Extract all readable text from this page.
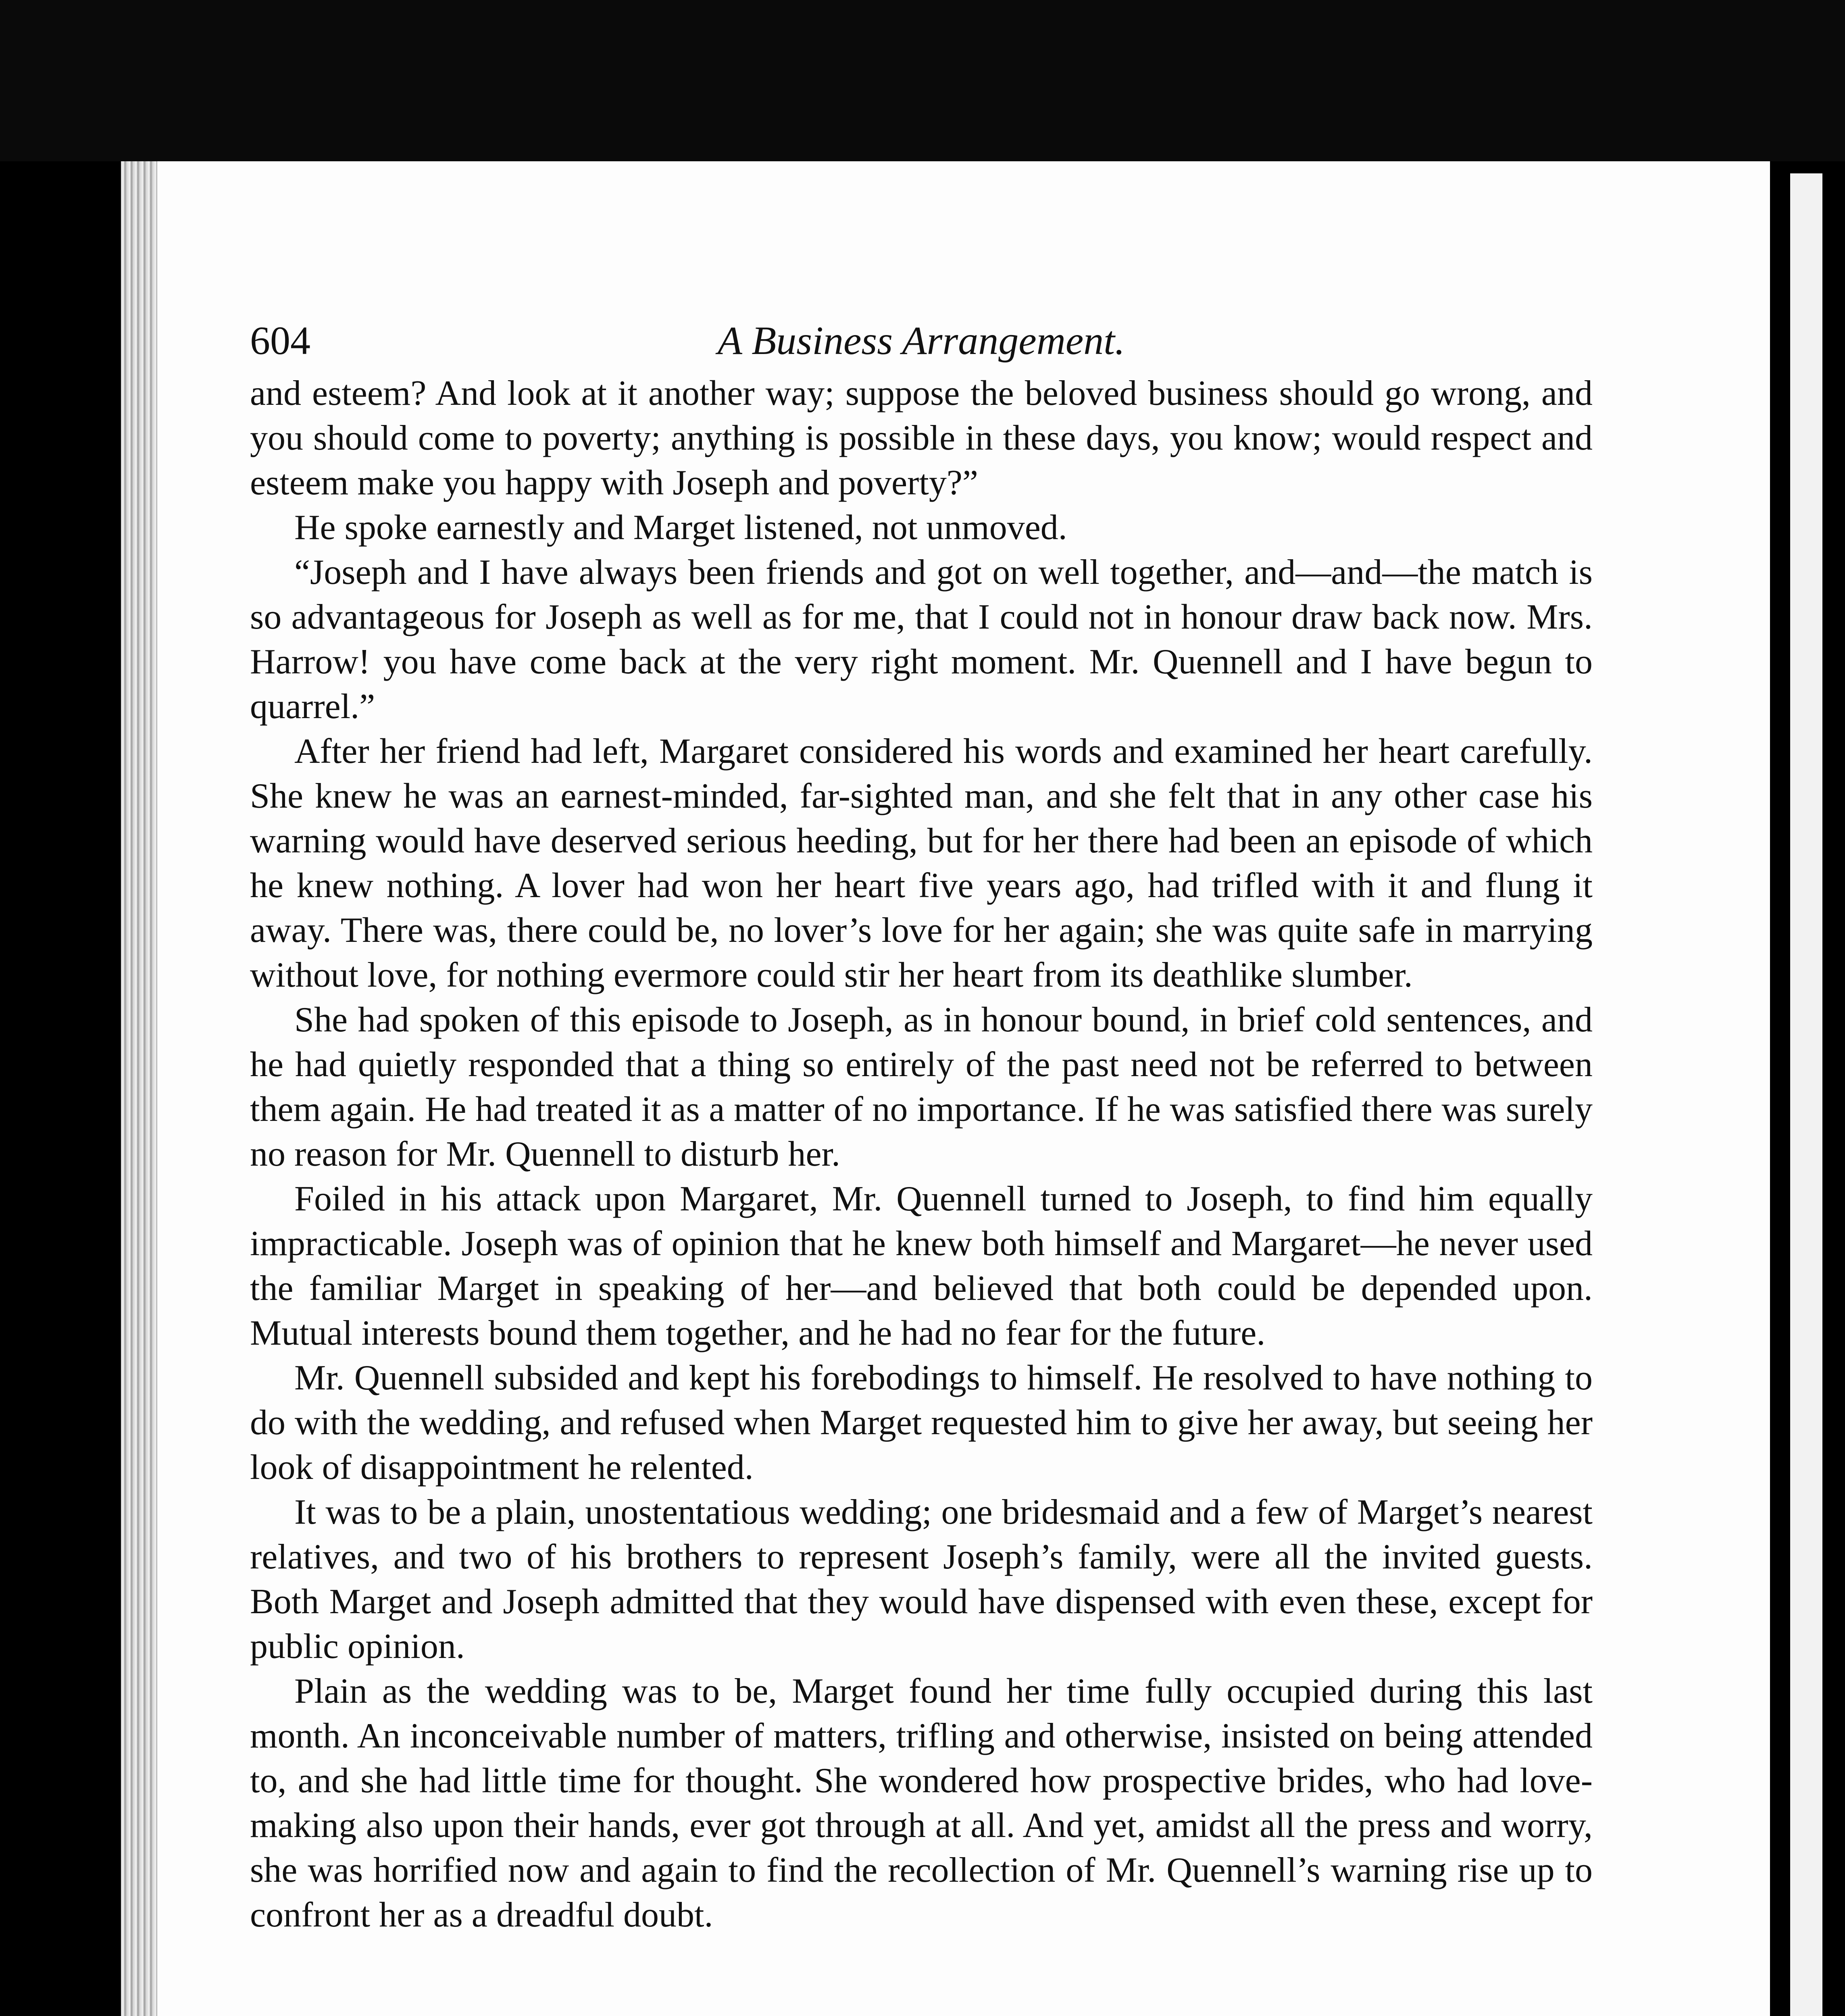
604	A Business Arrangement.

and esteem? And look at it another way; suppose the beloved business should go wrong, and you should come to poverty; anything is possible in these days, you know; would respect and esteem make you happy with Joseph and poverty?”

He spoke earnestly and Marget listened, not unmoved.

“Joseph and I have always been friends and got on well together, and—and—the match is so advantageous for Joseph as well as for me, that I could not in honour draw back now. Mrs. Harrow! you have come back at the very right moment. Mr. Quennell and I have begun to quarrel.”

After her friend had left, Margaret considered his words and examined her heart carefully. She knew he was an earnest-minded, far-sighted man, and she felt that in any other case his warning would have deserved serious heeding, but for her there had been an episode of which he knew nothing. A lover had won her heart five years ago, had trifled with it and flung it away. There was, there could be, no lover’s love for her again; she was quite safe in marrying without love, for nothing evermore could stir her heart from its deathlike slumber.

She had spoken of this episode to Joseph, as in honour bound, in brief cold sentences, and he had quietly responded that a thing so entirely of the past need not be referred to between them again. He had treated it as a matter of no importance. If he was satisfied there was surely no reason for Mr. Quennell to disturb her.

Foiled in his attack upon Margaret, Mr. Quennell turned to Joseph, to find him equally impracticable. Joseph was of opinion that he knew both himself and Margaret—he never used the familiar Marget in speaking of her—and believed that both could be depended upon. Mutual interests bound them together, and he had no fear for the future.

Mr. Quennell subsided and kept his forebodings to himself. He resolved to have nothing to do with the wedding, and refused when Marget requested him to give her away, but seeing her look of disappointment he relented.

It was to be a plain, unostentatious wedding; one bridesmaid and a few of Marget’s nearest relatives, and two of his brothers to represent Joseph’s family, were all the invited guests. Both Marget and Joseph admitted that they would have dispensed with even these, except for public opinion.

Plain as the wedding was to be, Marget found her time fully occupied during this last month. An inconceivable number of matters, trifling and otherwise, insisted on being attended to, and she had little time for thought. She wondered how prospective brides, who had love-making also upon their hands, ever got through at all. And yet, amidst all the press and worry, she was horrified now and again to find the recollection of Mr. Quennell’s warning rise up to confront her as a dreadful doubt.
